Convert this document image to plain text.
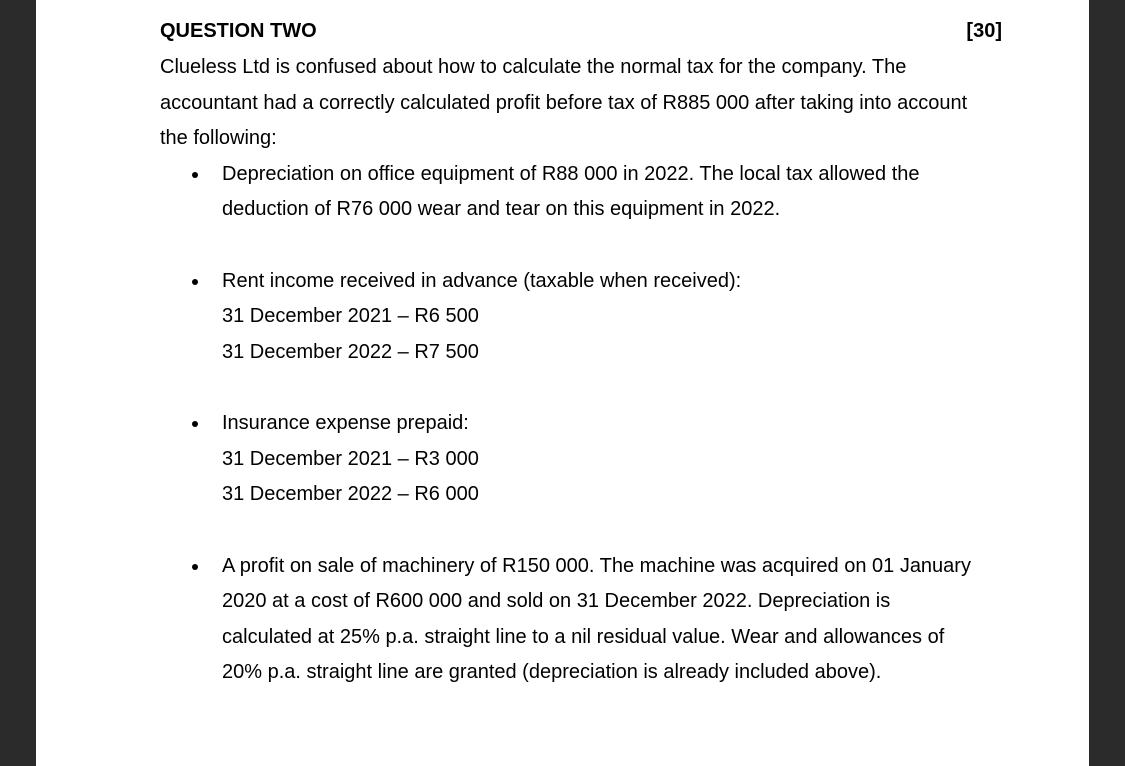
QUESTION TWO	[30]
Clueless Ltd is confused about how to calculate the normal tax for the company. The
accountant had a correctly calculated profit before tax of R885 000 after taking into account
the following:
Depreciation on office equipment of R88 000 in 2022. The local tax allowed the
deduction of R76 000 wear and tear on this equipment in 2022.
Rent income received in advance (taxable when received):
31 December 2021 – R6 500
31 December 2022 – R7 500
Insurance expense prepaid:
31 December 2021 – R3 000
31 December 2022 – R6 000
A profit on sale of machinery of R150 000. The machine was acquired on 01 January
2020 at a cost of R600 000 and sold on 31 December 2022. Depreciation is
calculated at 25% p.a. straight line to a nil residual value. Wear and allowances of
20% p.a. straight line are granted (depreciation is already included above).
